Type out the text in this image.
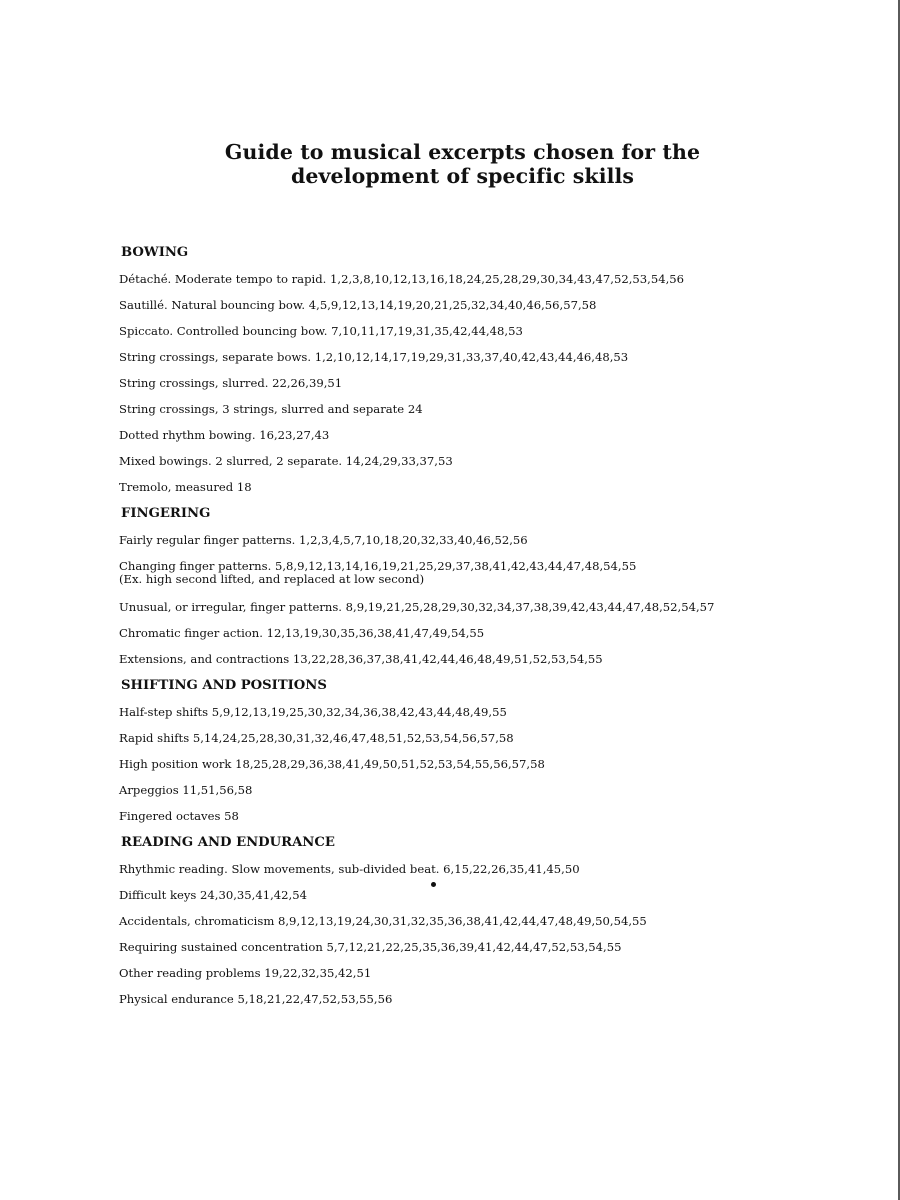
Guide to musical excerpts chosen for the
development of specific skills
BOWING
Détaché. Moderate tempo to rapid. 1,2,3,8,10,12,13,16,18,24,25,28,29,30,34,43,47,52,53,54,56
Sautillé. Natural bouncing bow. 4,5,9,12,13,14,19,20,21,25,32,34,40,46,56,57,58
Spiccato. Controlled bouncing bow. 7,10,11,17,19,31,35,42,44,48,53
String crossings, separate bows. 1,2,10,12,14,17,19,29,31,33,37,40,42,43,44,46,48,53
String crossings, slurred. 22,26,39,51
String crossings, 3 strings, slurred and separate 24
Dotted rhythm bowing. 16,23,27,43
Mixed bowings. 2 slurred, 2 separate. 14,24,29,33,37,53
Tremolo, measured 18
FINGERING
Fairly regular finger patterns. 1,2,3,4,5,7,10,18,20,32,33,40,46,52,56
Changing finger patterns. 5,8,9,12,13,14,16,19,21,25,29,37,38,41,42,43,44,47,48,54,55
(Ex. high second lifted, and replaced at low second)
Unusual, or irregular, finger patterns. 8,9,19,21,25,28,29,30,32,34,37,38,39,42,43,44,47,48,52,54,57
Chromatic finger action. 12,13,19,30,35,36,38,41,47,49,54,55
Extensions, and contractions 13,22,28,36,37,38,41,42,44,46,48,49,51,52,53,54,55
SHIFTING AND POSITIONS
Half-step shifts 5,9,12,13,19,25,30,32,34,36,38,42,43,44,48,49,55
Rapid shifts 5,14,24,25,28,30,31,32,46,47,48,51,52,53,54,56,57,58
High position work 18,25,28,29,36,38,41,49,50,51,52,53,54,55,56,57,58
Arpeggios 11,51,56,58
Fingered octaves 58
READING AND ENDURANCE
Rhythmic reading. Slow movements, sub-divided beat. 6,15,22,26,35,41,45,50
Difficult keys 24,30,35,41,42,54
Accidentals, chromaticism 8,9,12,13,19,24,30,31,32,35,36,38,41,42,44,47,48,49,50,54,55
Requiring sustained concentration 5,7,12,21,22,25,35,36,39,41,42,44,47,52,53,54,55
Other reading problems 19,22,32,35,42,51
Physical endurance 5,18,21,22,47,52,53,55,56
